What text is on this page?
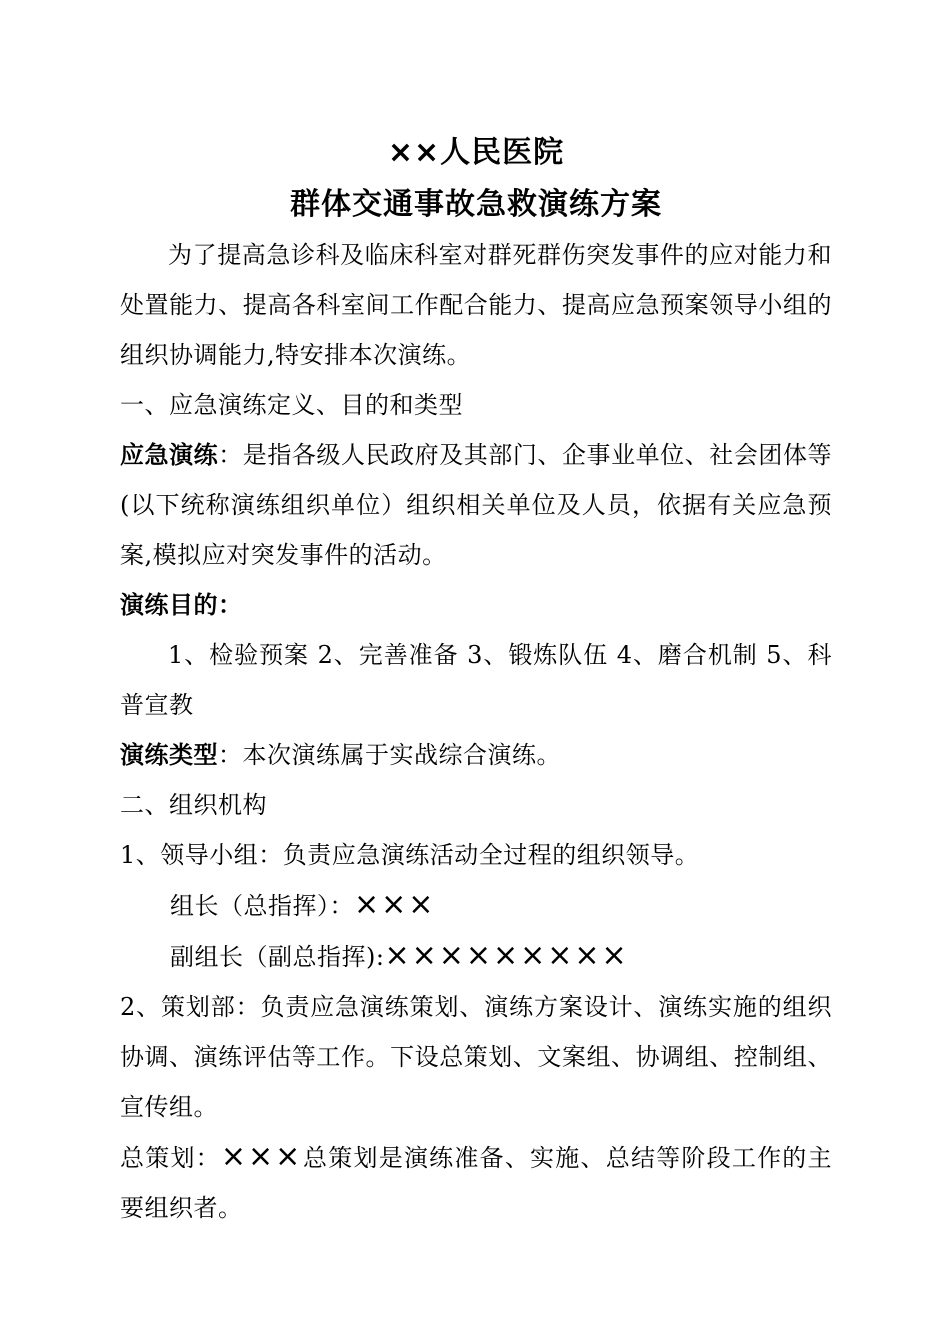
××人民医院
群体交通事故急救演练方案

为了提高急诊科及临床科室对群死群伤突发事件的应对能力和处置能力、提高各科室间工作配合能力、提高应急预案领导小组的组织协调能力,特安排本次演练。

一、应急演练定义、目的和类型

应急演练：是指各级人民政府及其部门、企事业单位、社会团体等(以下统称演练组织单位）组织相关单位及人员，依据有关应急预案,模拟应对突发事件的活动。

演练目的：

1、检验预案 2、完善准备 3、锻炼队伍 4、磨合机制 5、科普宣教

演练类型：本次演练属于实战综合演练。

二、组织机构

1、领导小组：负责应急演练活动全过程的组织领导。

组长（总指挥）：×××

副组长（副总指挥):×××××××××

2、策划部：负责应急演练策划、演练方案设计、演练实施的组织协调、演练评估等工作。下设总策划、文案组、协调组、控制组、宣传组。

总策划：×××总策划是演练准备、实施、总结等阶段工作的主要组织者。
